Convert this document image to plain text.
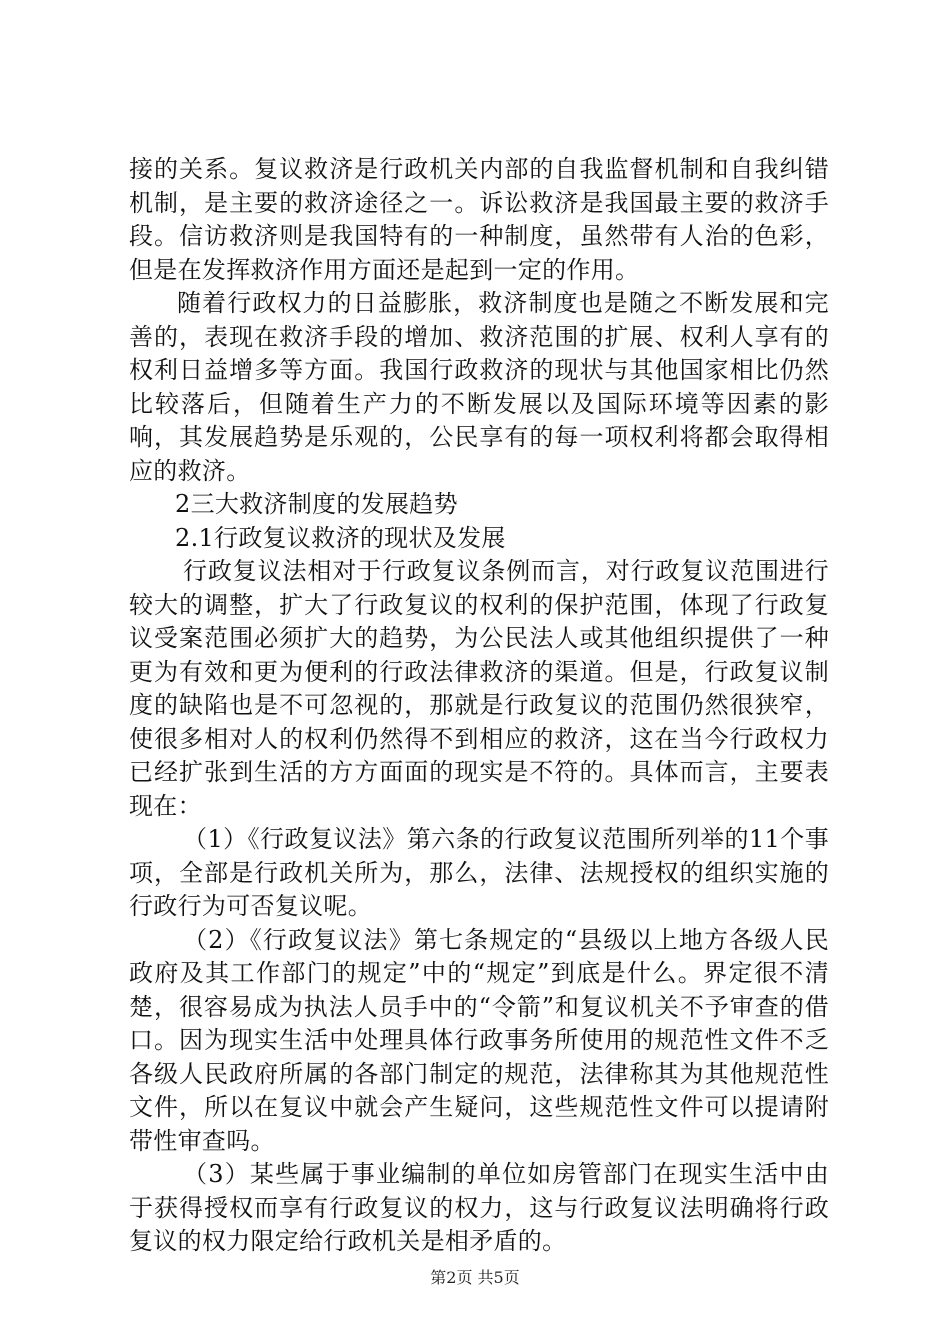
接的关系。复议救济是行政机关内部的自我监督机制和自我纠错机制，是主要的救济途径之一。诉讼救济是我国最主要的救济手段。信访救济则是我国特有的一种制度，虽然带有人治的色彩，但是在发挥救济作用方面还是起到一定的作用。

随着行政权力的日益膨胀，救济制度也是随之不断发展和完善的，表现在救济手段的增加、救济范围的扩展、权利人享有的权利日益增多等方面。我国行政救济的现状与其他国家相比仍然比较落后，但随着生产力的不断发展以及国际环境等因素的影响，其发展趋势是乐观的，公民享有的每一项权利将都会取得相应的救济。

2三大救济制度的发展趋势

2.1行政复议救济的现状及发展

行政复议法相对于行政复议条例而言，对行政复议范围进行较大的调整，扩大了行政复议的权利的保护范围，体现了行政复议受案范围必须扩大的趋势，为公民法人或其他组织提供了一种更为有效和更为便利的行政法律救济的渠道。但是，行政复议制度的缺陷也是不可忽视的，那就是行政复议的范围仍然很狭窄，使很多相对人的权利仍然得不到相应的救济，这在当今行政权力已经扩张到生活的方方面面的现实是不符的。具体而言，主要表现在：

（1）《行政复议法》第六条的行政复议范围所列举的11个事项，全部是行政机关所为，那么，法律、法规授权的组织实施的行政行为可否复议呢。

（2）《行政复议法》第七条规定的“县级以上地方各级人民政府及其工作部门的规定”中的“规定”到底是什么。界定很不清楚，很容易成为执法人员手中的“令箭”和复议机关不予审查的借口。因为现实生活中处理具体行政事务所使用的规范性文件不乏各级人民政府所属的各部门制定的规范，法律称其为其他规范性文件，所以在复议中就会产生疑问，这些规范性文件可以提请附带性审查吗。

（3）某些属于事业编制的单位如房管部门在现实生活中由于获得授权而享有行政复议的权力，这与行政复议法明确将行政复议的权力限定给行政机关是相矛盾的。

第2页 共5页
